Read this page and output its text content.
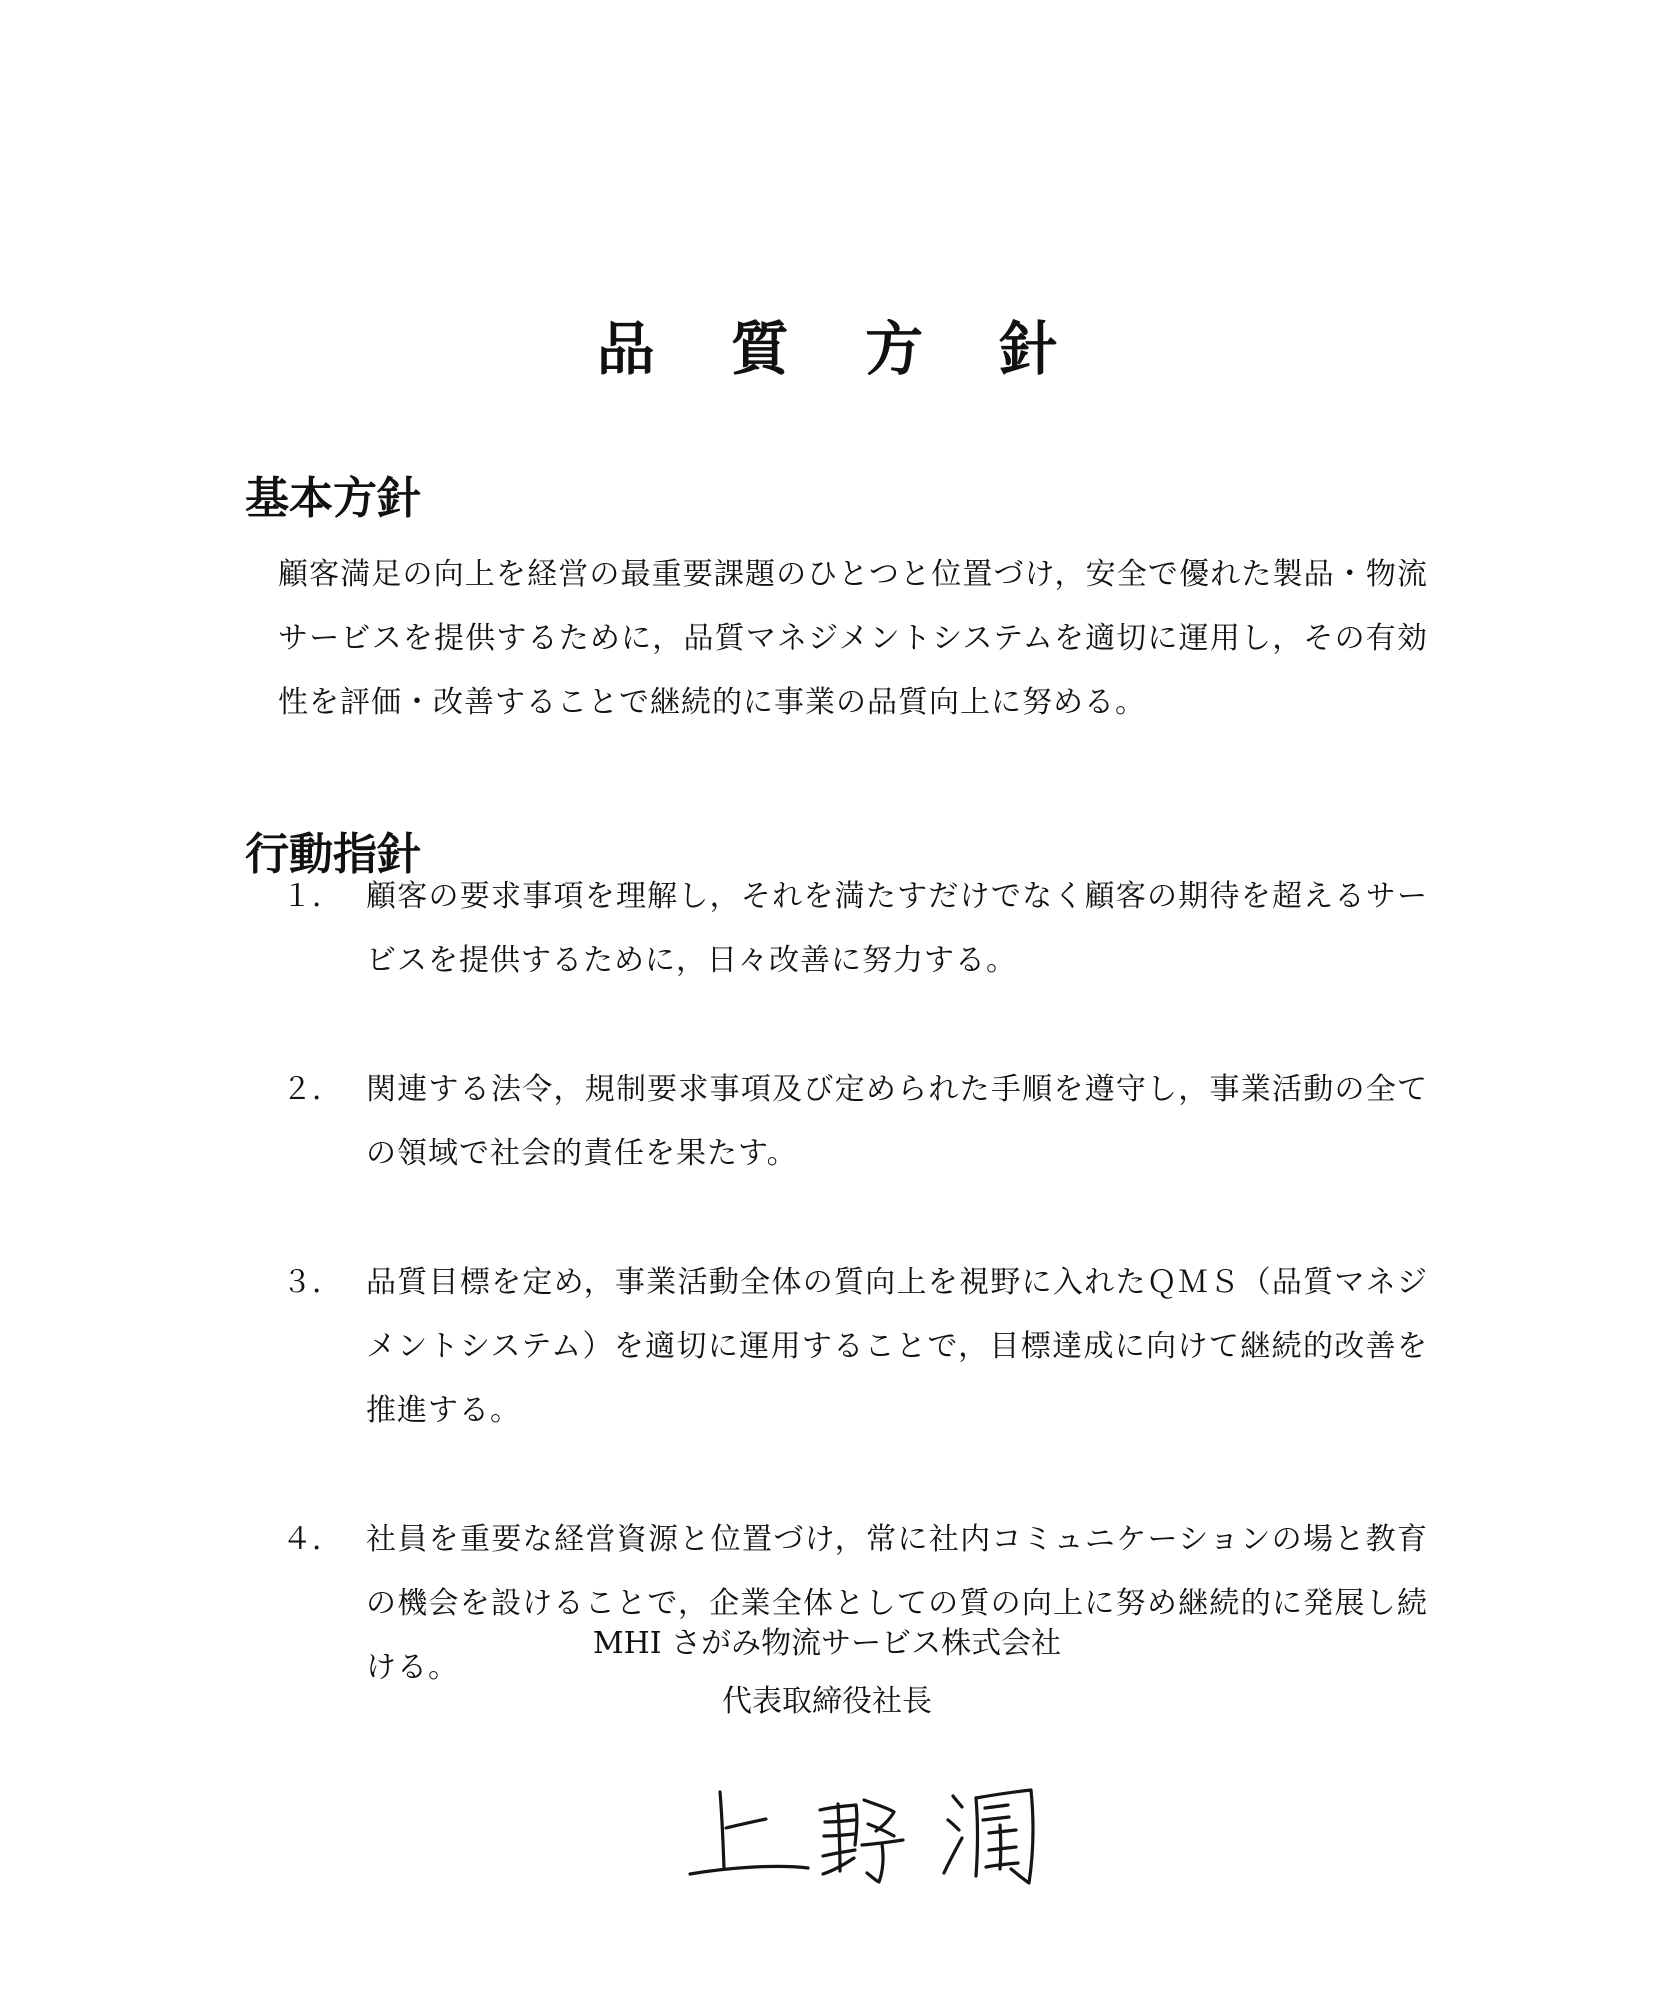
品 質 方 針
基本方針

顧客満足の向上を経営の最重要課題のひとつと位置づけ，安全で優れた製品・物流サービスを提供するために，品質マネジメントシステムを適切に運用し，その有効性を評価・改善することで継続的に事業の品質向上に努める。

行動指針
１． 顧客の要求事項を理解し，それを満たすだけでなく顧客の期待を超えるサービスを提供するために，日々改善に努力する。
２． 関連する法令，規制要求事項及び定められた手順を遵守し，事業活動の全ての領域で社会的責任を果たす。
３． 品質目標を定め，事業活動全体の質向上を視野に入れたＱＭＳ（品質マネジメントシステム）を適切に運用することで，目標達成に向けて継続的改善を推進する。
４． 社員を重要な経営資源と位置づけ，常に社内コミュニケーションの場と教育の機会を設けることで，企業全体としての質の向上に努め継続的に発展し続ける。
MHI さがみ物流サービス株式会社
代表取締役社長
